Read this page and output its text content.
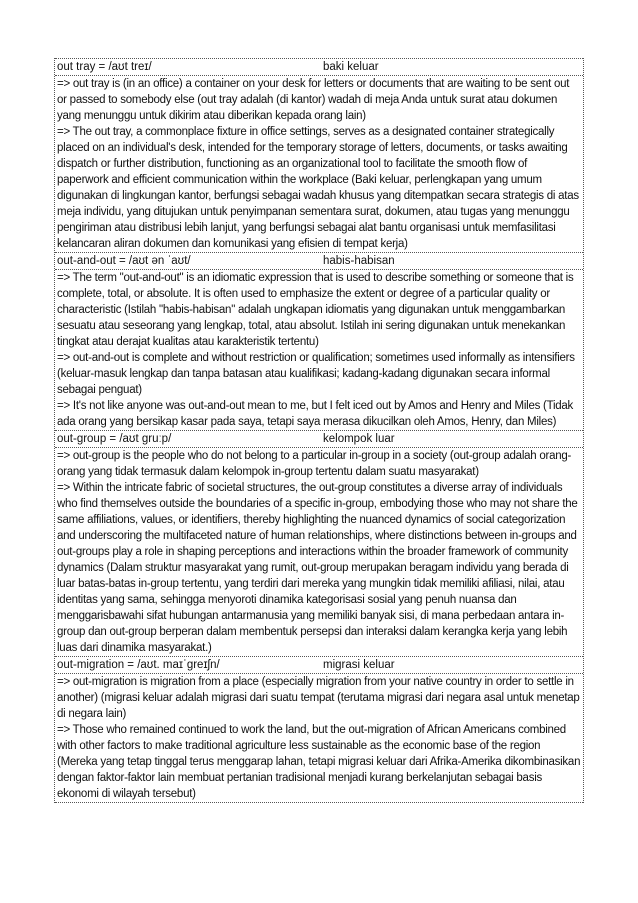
out tray = /aʊt treɪ/	baki keluar

=> out tray is (in an office) a container on your desk for letters or documents that are waiting to be sent out or passed to somebody else (out tray adalah (di kantor) wadah di meja Anda untuk surat atau dokumen yang menunggu untuk dikirim atau diberikan kepada orang lain)

=> The out tray, a commonplace fixture in office settings, serves as a designated container strategically placed on an individual's desk, intended for the temporary storage of letters, documents, or tasks awaiting dispatch or further distribution, functioning as an organizational tool to facilitate the smooth flow of paperwork and efficient communication within the workplace (Baki keluar, perlengkapan yang umum digunakan di lingkungan kantor, berfungsi sebagai wadah khusus yang ditempatkan secara strategis di atas meja individu, yang ditujukan untuk penyimpanan sementara surat, dokumen, atau tugas yang menunggu pengiriman atau distribusi lebih lanjut, yang berfungsi sebagai alat bantu organisasi untuk memfasilitasi kelancaran aliran dokumen dan komunikasi yang efisien di tempat kerja)

out-and-out = /aʊt ən ˈaʊt/	habis-habisan

=> The term "out-and-out" is an idiomatic expression that is used to describe something or someone that is complete, total, or absolute. It is often used to emphasize the extent or degree of a particular quality or characteristic (Istilah "habis-habisan" adalah ungkapan idiomatis yang digunakan untuk menggambarkan sesuatu atau seseorang yang lengkap, total, atau absolut. Istilah ini sering digunakan untuk menekankan tingkat atau derajat kualitas atau karakteristik tertentu)

=> out-and-out is complete and without restriction or qualification; sometimes used informally as intensifiers (keluar-masuk lengkap dan tanpa batasan atau kualifikasi; kadang-kadang digunakan secara informal sebagai penguat)

=> It's not like anyone was out-and-out mean to me, but I felt iced out by Amos and Henry and Miles (Tidak ada orang yang bersikap kasar pada saya, tetapi saya merasa dikucilkan oleh Amos, Henry, dan Miles)

out-group = /aʊt ɡruːp/	kelompok luar

=> out-group is the people who do not belong to a particular in-group in a society (out-group adalah orang-orang yang tidak termasuk dalam kelompok in-group tertentu dalam suatu masyarakat)

=> Within the intricate fabric of societal structures, the out-group constitutes a diverse array of individuals who find themselves outside the boundaries of a specific in-group, embodying those who may not share the same affiliations, values, or identifiers, thereby highlighting the nuanced dynamics of social categorization and underscoring the multifaceted nature of human relationships, where distinctions between in-groups and out-groups play a role in shaping perceptions and interactions within the broader framework of community dynamics (Dalam struktur masyarakat yang rumit, out-group merupakan beragam individu yang berada di luar batas-batas in-group tertentu, yang terdiri dari mereka yang mungkin tidak memiliki afiliasi, nilai, atau identitas yang sama, sehingga menyoroti dinamika kategorisasi sosial yang penuh nuansa dan menggarisbawahi sifat hubungan antarmanusia yang memiliki banyak sisi, di mana perbedaan antara in-group dan out-group berperan dalam membentuk persepsi dan interaksi dalam kerangka kerja yang lebih luas dari dinamika masyarakat.)

out-migration = /aʊt. maɪˈɡreɪʃn/	migrasi keluar

=> out-migration is migration from a place (especially migration from your native country in order to settle in another) (migrasi keluar adalah migrasi dari suatu tempat (terutama migrasi dari negara asal untuk menetap di negara lain)

=> Those who remained continued to work the land, but the out-migration of African Americans combined with other factors to make traditional agriculture less sustainable as the economic base of the region (Mereka yang tetap tinggal terus menggarap lahan, tetapi migrasi keluar dari Afrika-Amerika dikombinasikan dengan faktor-faktor lain membuat pertanian tradisional menjadi kurang berkelanjutan sebagai basis ekonomi di wilayah tersebut)
